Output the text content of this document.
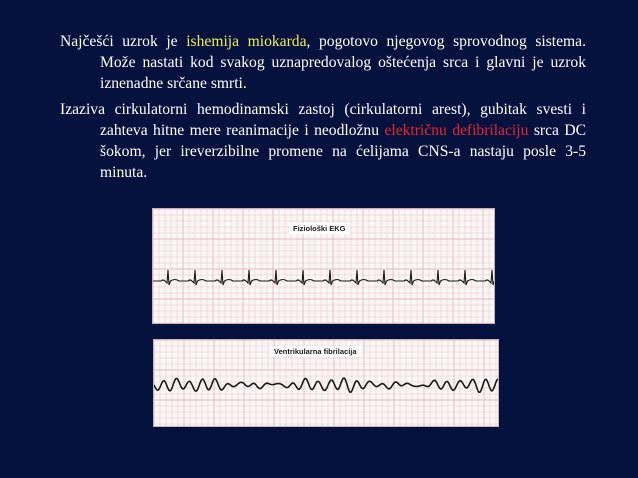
Najčešći uzrok je ishemija miokarda, pogotovo njegovog sprovodnog sistema. Može nastati kod svakog uznapredovalog oštećenja srca i glavni je uzrok iznenadne srčane smrti.

Izaziva cirkulatorni hemodinamski zastoj (cirkulatorni arest), gubitak svesti i zahteva hitne mere reanimacije i neodložnu električnu defibrilaciju srca DC šokom, jer ireverzibilne promene na ćelijama CNS-a nastaju posle 3-5 minuta.

Fiziološki EKG
Ventrikularna fibrilacija
